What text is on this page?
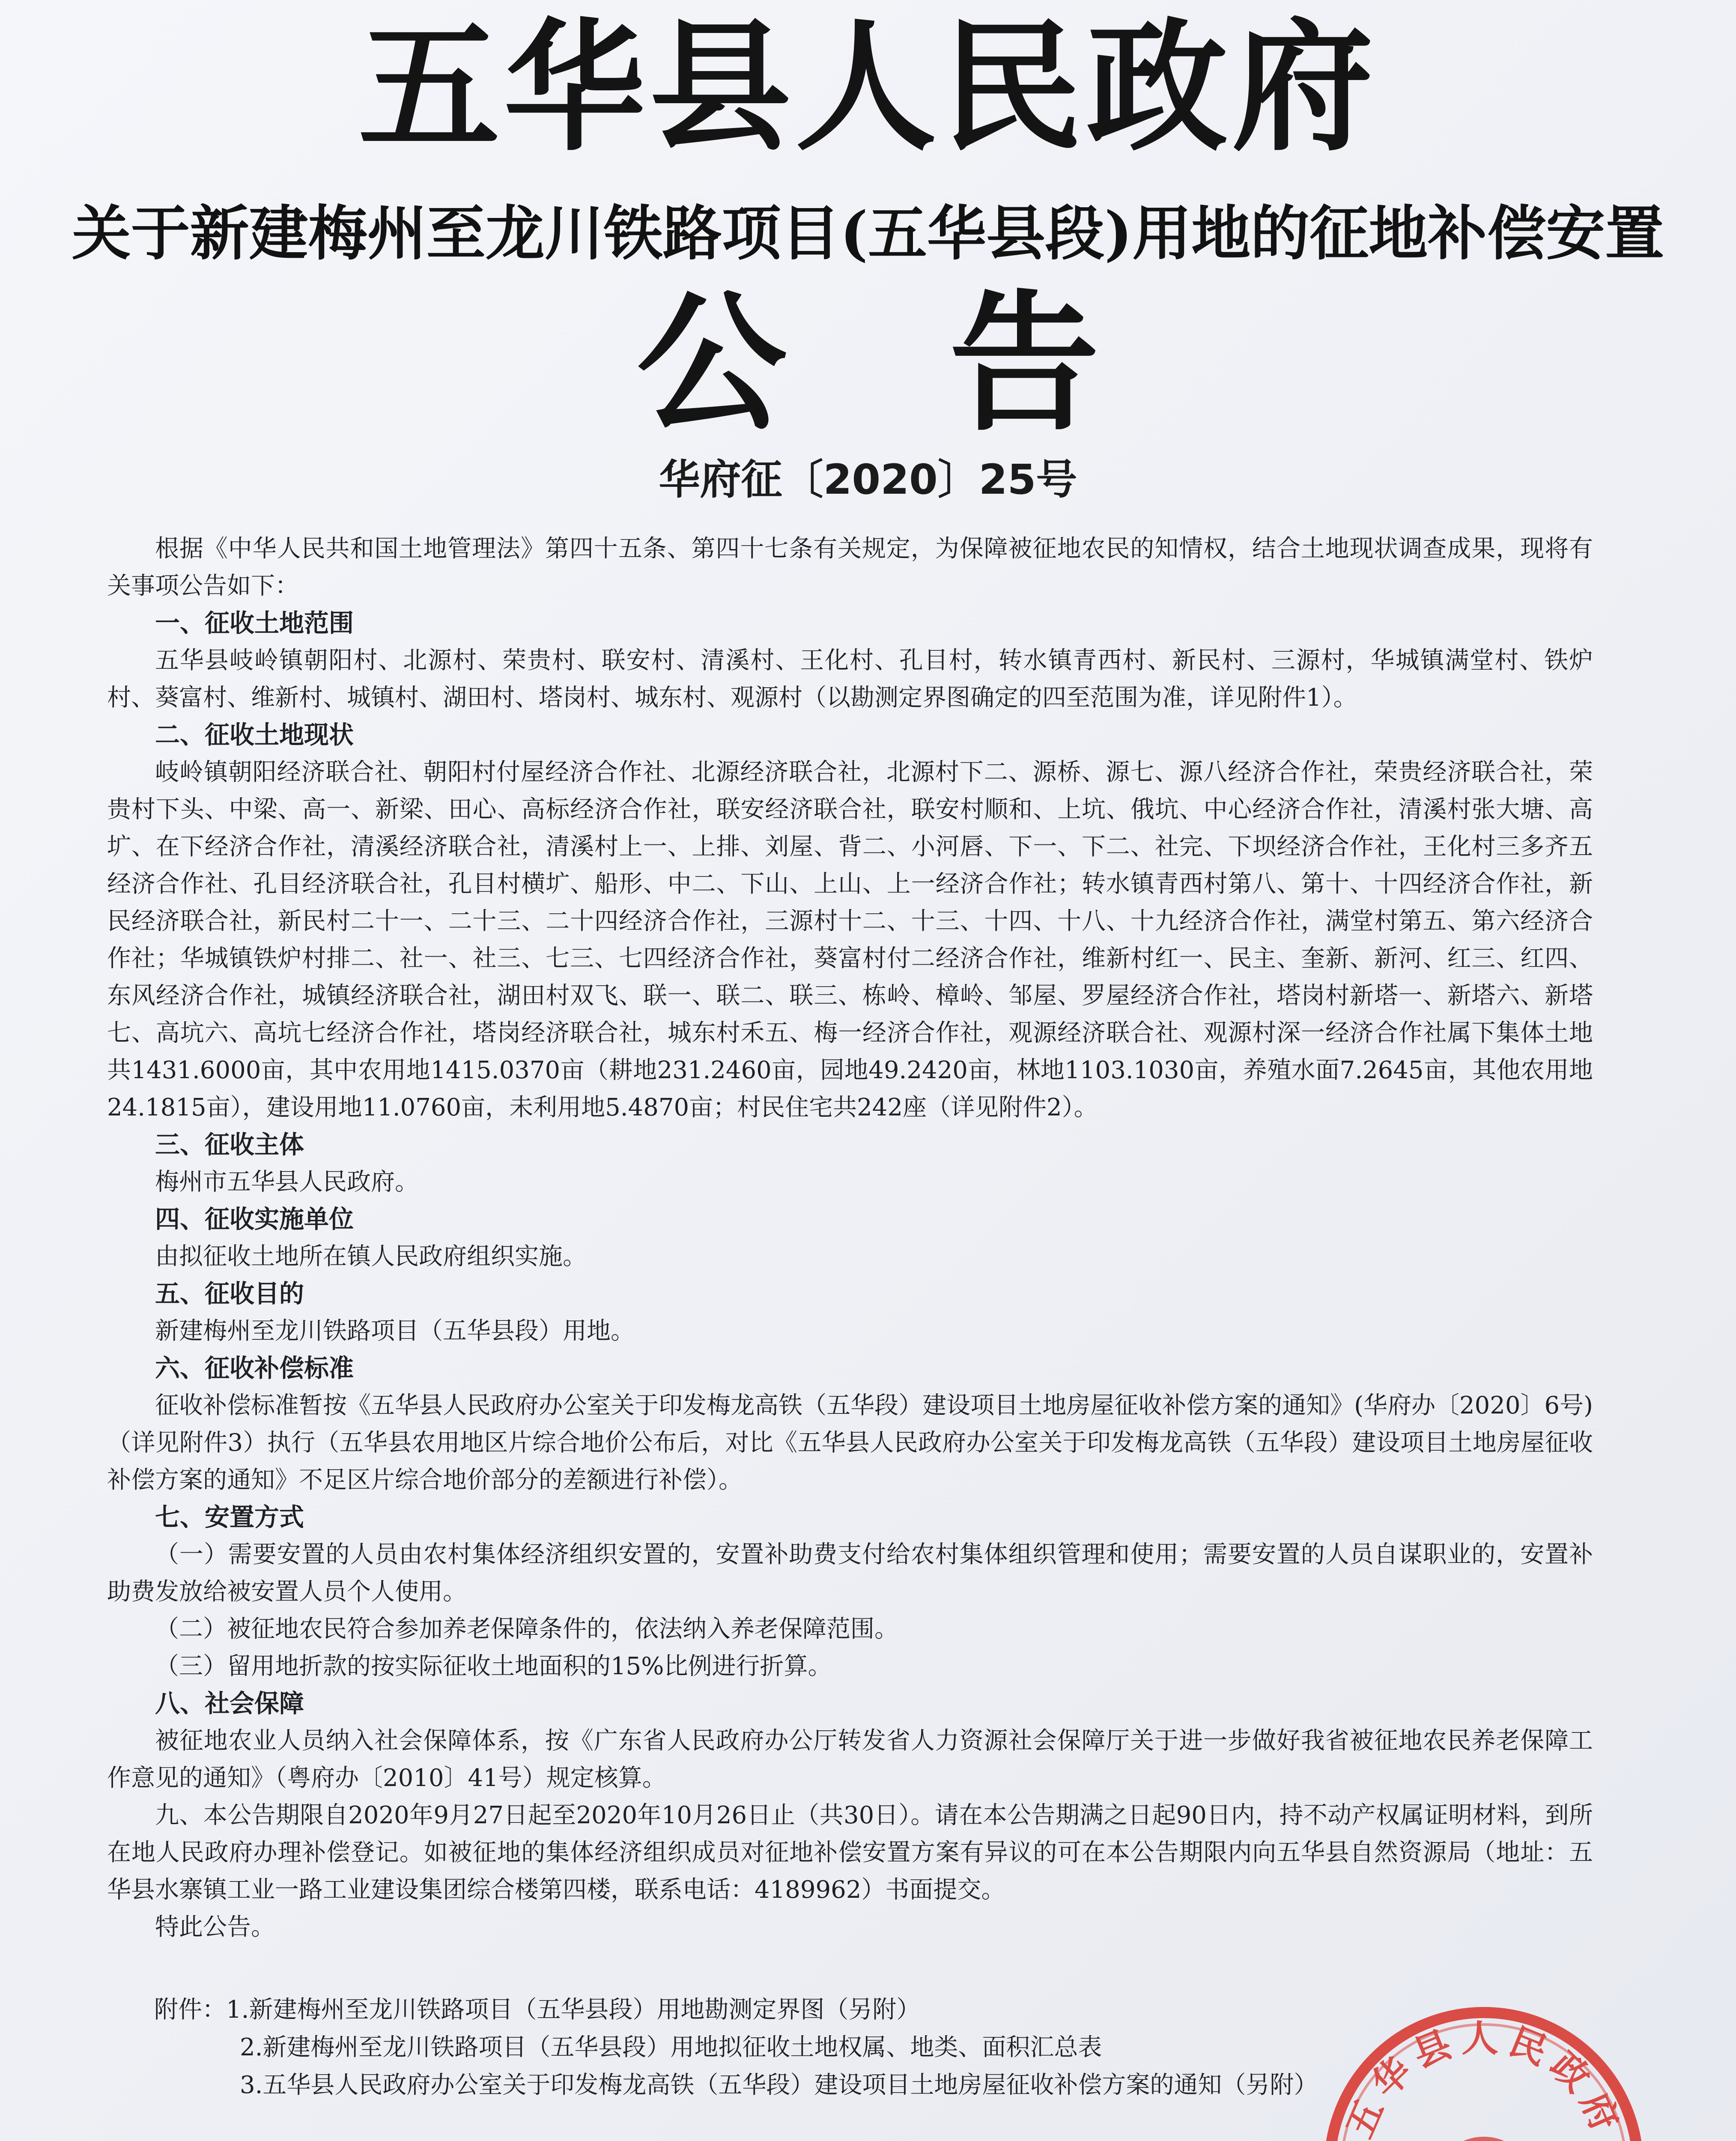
五华县人民政府
关于新建梅州至龙川铁路项目(五华县段)用地的征地补偿安置
公 告
华府征〔2020〕25号

根据《中华人民共和国土地管理法》第四十五条、第四十七条有关规定，为保障被征地农民的知情权，结合土地现状调查成果，现将有关事项公告如下：

一、征收土地范围

五华县岐岭镇朝阳村、北源村、荣贵村、联安村、清溪村、王化村、孔目村，转水镇青西村、新民村、三源村，华城镇满堂村、铁炉村、葵富村、维新村、城镇村、湖田村、塔岗村、城东村、观源村（以勘测定界图确定的四至范围为准，详见附件1）。

二、征收土地现状

岐岭镇朝阳经济联合社、朝阳村付屋经济合作社、北源经济联合社，北源村下二、源桥、源七、源八经济合作社，荣贵经济联合社，荣贵村下头、中梁、高一、新梁、田心、高标经济合作社，联安经济联合社，联安村顺和、上坑、俄坑、中心经济合作社，清溪村张大塘、高圹、在下经济合作社，清溪经济联合社，清溪村上一、上排、刘屋、背二、小河唇、下一、下二、社完、下坝经济合作社，王化村三多齐五经济合作社、孔目经济联合社，孔目村横圹、船形、中二、下山、上山、上一经济合作社；转水镇青西村第八、第十、十四经济合作社，新民经济联合社，新民村二十一、二十三、二十四经济合作社，三源村十二、十三、十四、十八、十九经济合作社，满堂村第五、第六经济合作社；华城镇铁炉村排二、社一、社三、七三、七四经济合作社，葵富村付二经济合作社，维新村红一、民主、奎新、新河、红三、红四、东风经济合作社，城镇经济联合社，湖田村双飞、联一、联二、联三、栋岭、樟岭、邹屋、罗屋经济合作社，塔岗村新塔一、新塔六、新塔七、高坑六、高坑七经济合作社，塔岗经济联合社，城东村禾五、梅一经济合作社，观源经济联合社、观源村深一经济合作社属下集体土地共1431.6000亩，其中农用地1415.0370亩（耕地231.2460亩，园地49.2420亩，林地1103.1030亩，养殖水面7.2645亩，其他农用地24.1815亩），建设用地11.0760亩，未利用地5.4870亩；村民住宅共242座（详见附件2）。

三、征收主体

梅州市五华县人民政府。

四、征收实施单位

由拟征收土地所在镇人民政府组织实施。

五、征收目的

新建梅州至龙川铁路项目（五华县段）用地。

六、征收补偿标准

征收补偿标准暂按《五华县人民政府办公室关于印发梅龙高铁（五华段）建设项目土地房屋征收补偿方案的通知》(华府办〔2020〕6号)（详见附件3）执行（五华县农用地区片综合地价公布后，对比《五华县人民政府办公室关于印发梅龙高铁（五华段）建设项目土地房屋征收补偿方案的通知》不足区片综合地价部分的差额进行补偿）。

七、安置方式

（一）需要安置的人员由农村集体经济组织安置的，安置补助费支付给农村集体组织管理和使用；需要安置的人员自谋职业的，安置补助费发放给被安置人员个人使用。

（二）被征地农民符合参加养老保障条件的，依法纳入养老保障范围。

（三）留用地折款的按实际征收土地面积的15%比例进行折算。

八、社会保障

被征地农业人员纳入社会保障体系，按《广东省人民政府办公厅转发省人力资源社会保障厅关于进一步做好我省被征地农民养老保障工作意见的通知》（粤府办〔2010〕41号）规定核算。

九、本公告期限自2020年9月27日起至2020年10月26日止（共30日）。请在本公告期满之日起90日内，持不动产权属证明材料，到所在地人民政府办理补偿登记。如被征地的集体经济组织成员对征地补偿安置方案有异议的可在本公告期限内向五华县自然资源局（地址：五华县水寨镇工业一路工业建设集团综合楼第四楼，联系电话：4189962）书面提交。

特此公告。

附件：1.新建梅州至龙川铁路项目（五华县段）用地勘测定界图（另附）

2.新建梅州至龙川铁路项目（五华县段）用地拟征收土地权属、地类、面积汇总表

3.五华县人民政府办公室关于印发梅龙高铁（五华段）建设项目土地房屋征收补偿方案的通知（另附）

五华县人民政府
